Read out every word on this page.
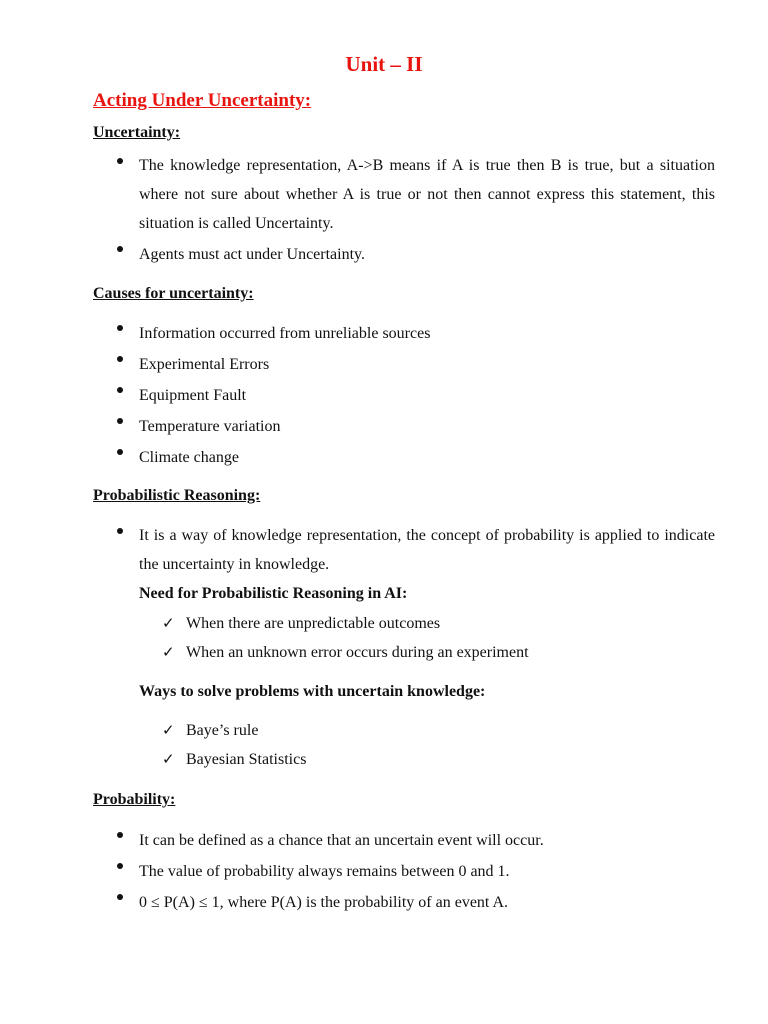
Unit – II
Acting Under Uncertainty:
Uncertainty:
The knowledge representation, A->B means if A is true then B is true, but a situation where not sure about whether A is true or not then cannot express this statement, this situation is called Uncertainty.
Agents must act under Uncertainty.
Causes for uncertainty:
Information occurred from unreliable sources
Experimental Errors
Equipment Fault
Temperature variation
Climate change
Probabilistic Reasoning:
It is a way of knowledge representation, the concept of probability is applied to indicate the uncertainty in knowledge.
Need for Probabilistic Reasoning in AI:
✓ When there are unpredictable outcomes
✓ When an unknown error occurs during an experiment
Ways to solve problems with uncertain knowledge:
✓ Baye’s rule
✓ Bayesian Statistics
Probability:
It can be defined as a chance that an uncertain event will occur.
The value of probability always remains between 0 and 1.
0 ≤ P(A) ≤ 1, where P(A) is the probability of an event A.
